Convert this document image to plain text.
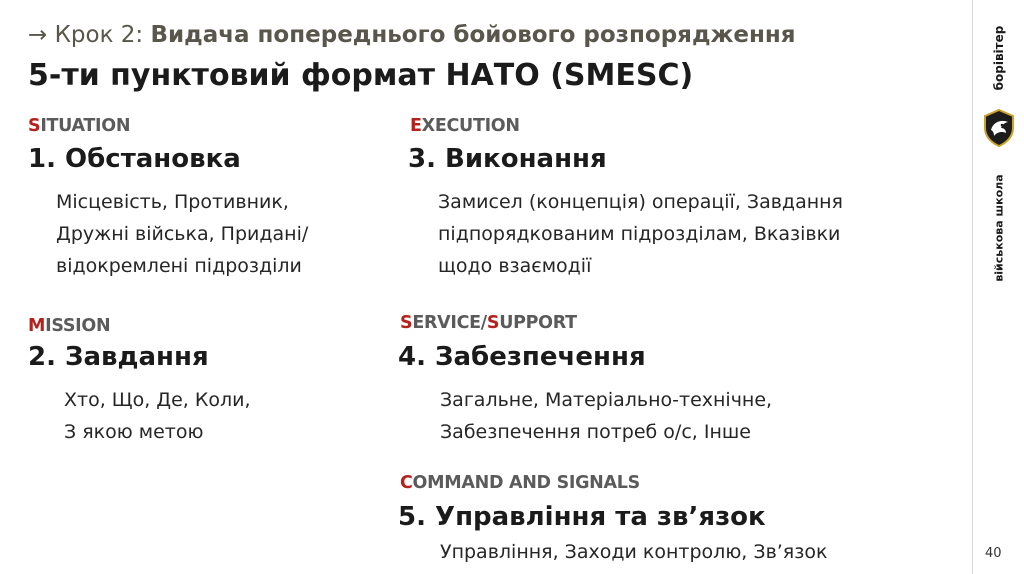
→ Крок 2: Видача попереднього бойового розпорядження
5-ти пунктовий формат НАТО (SMESC)
SITUATION
1. Обстановка
Місцевість, Противник,
Дружні війська, Придані/
відокремлені підрозділи
MISSION
2. Завдання
Хто, Що, Де, Коли,
З якою метою
EXECUTION
3. Виконання
Замисел (концепція) операції, Завдання
підпорядкованим підрозділам, Вказівки
щодо взаємодії
SERVICE/SUPPORT
4. Забезпечення
Загальне, Матеріально-технічне,
Забезпечення потреб о/с, Інше
COMMAND AND SIGNALS
5. Управління та зв’язок
Управління, Заходи контролю, Зв’язок
борівітер
військова школа
40
